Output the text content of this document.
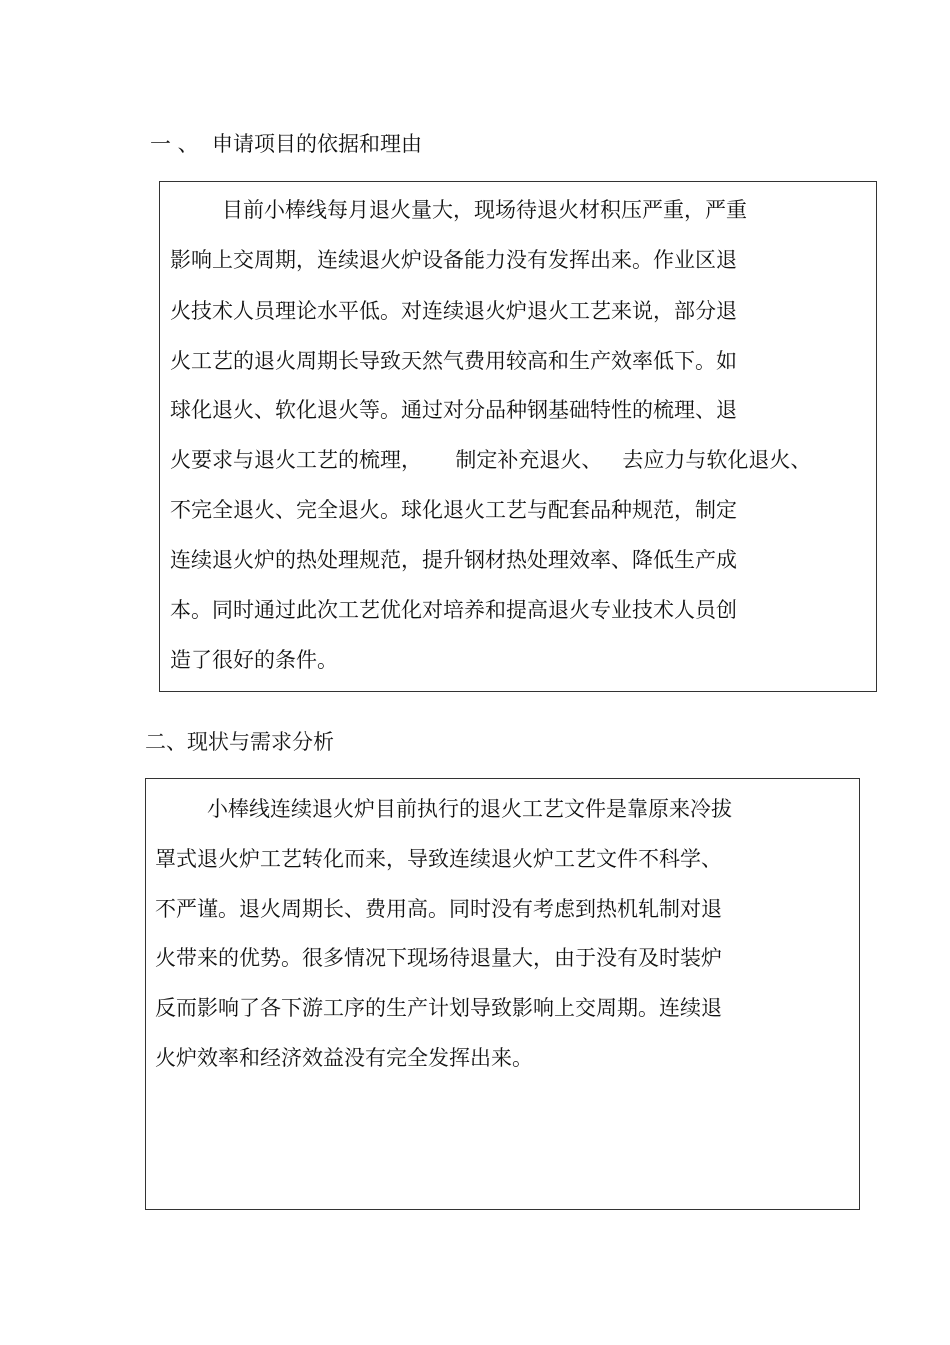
一 、  申请项目的依据和理由
目前小棒线每月退火量大，现场待退火材积压严重，严重
影响上交周期，连续退火炉设备能力没有发挥出来。作业区退
火技术人员理论水平低。对连续退火炉退火工艺来说，部分退
火工艺的退火周期长导致天然气费用较高和生产效率低下。如
球化退火、软化退火等。通过对分品种钢基础特性的梳理、退
火要求与退火工艺的梳理，     制定补充退火、   去应力与软化退火、
不完全退火、完全退火。球化退火工艺与配套品种规范，制定
连续退火炉的热处理规范，提升钢材热处理效率、降低生产成
本。同时通过此次工艺优化对培养和提高退火专业技术人员创
造了很好的条件。
二、现状与需求分析
小棒线连续退火炉目前执行的退火工艺文件是靠原来冷拔
罩式退火炉工艺转化而来，导致连续退火炉工艺文件不科学、
不严谨。退火周期长、费用高。同时没有考虑到热机轧制对退
火带来的优势。很多情况下现场待退量大，由于没有及时装炉
反而影响了各下游工序的生产计划导致影响上交周期。连续退
火炉效率和经济效益没有完全发挥出来。
